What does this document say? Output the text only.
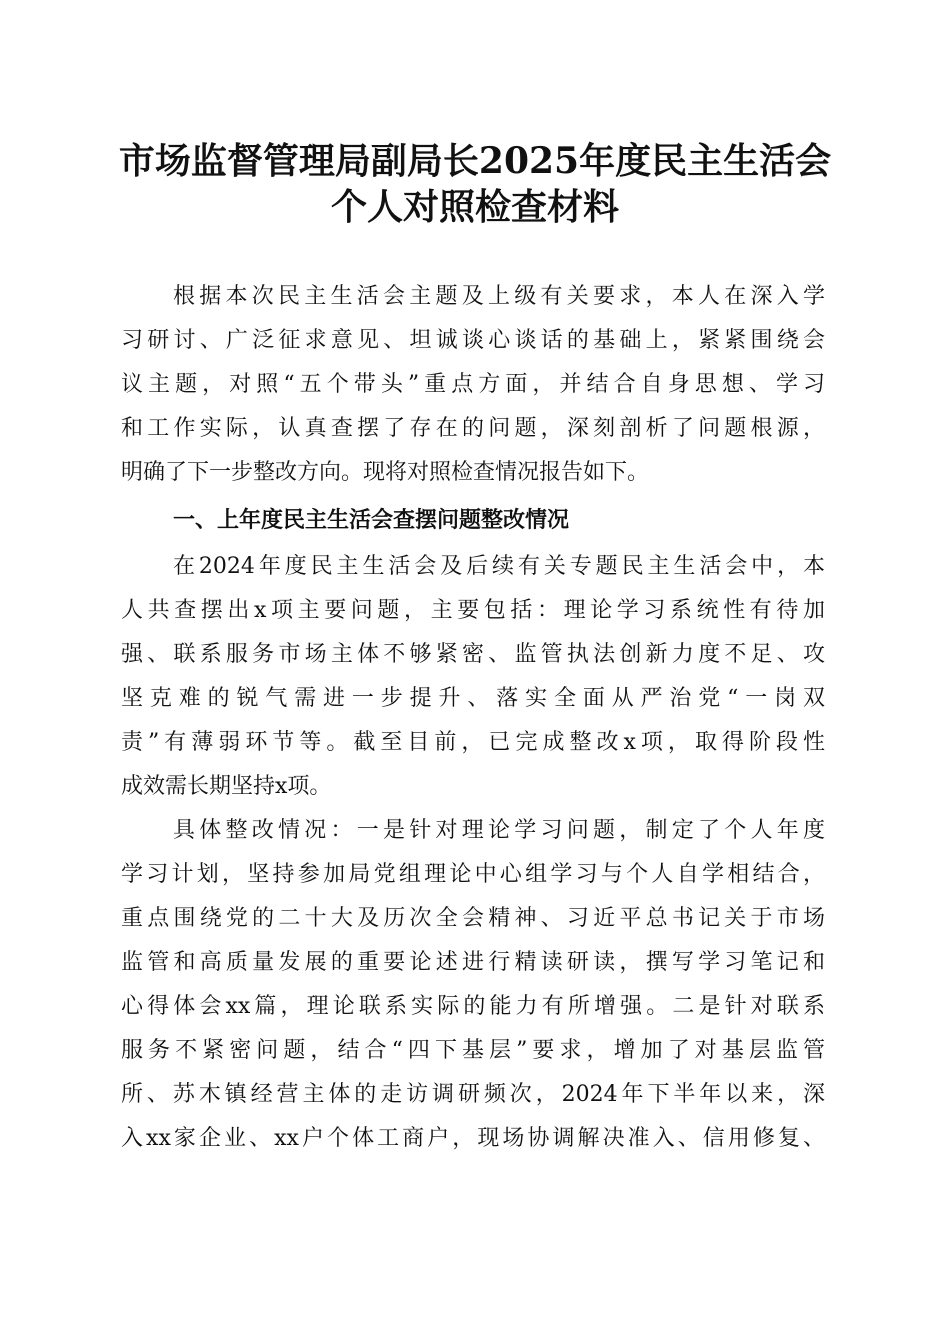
市场监督管理局副局长2025年度民主生活会
个人对照检查材料
根据本次民主生活会主题及上级有关要求，本人在深入学
习研讨、广泛征求意见、坦诚谈心谈话的基础上，紧紧围绕会
议主题，对照“五个带头”重点方面，并结合自身思想、学习
和工作实际，认真查摆了存在的问题，深刻剖析了问题根源，
明确了下一步整改方向。现将对照检查情况报告如下。
一、上年度民主生活会查摆问题整改情况
在2024年度民主生活会及后续有关专题民主生活会中，本
人共查摆出x项主要问题，主要包括：理论学习系统性有待加
强、联系服务市场主体不够紧密、监管执法创新力度不足、攻
坚克难的锐气需进一步提升、落实全面从严治党“一岗双
责”有薄弱环节等。截至目前，已完成整改x项，取得阶段性
成效需长期坚持x项。
具体整改情况：一是针对理论学习问题，制定了个人年度
学习计划，坚持参加局党组理论中心组学习与个人自学相结合，
重点围绕党的二十大及历次全会精神、习近平总书记关于市场
监管和高质量发展的重要论述进行精读研读，撰写学习笔记和
心得体会xx篇，理论联系实际的能力有所增强。二是针对联系
服务不紧密问题，结合“四下基层”要求，增加了对基层监管
所、苏木镇经营主体的走访调研频次，2024年下半年以来，深
入xx家企业、xx户个体工商户，现场协调解决准入、信用修复、
